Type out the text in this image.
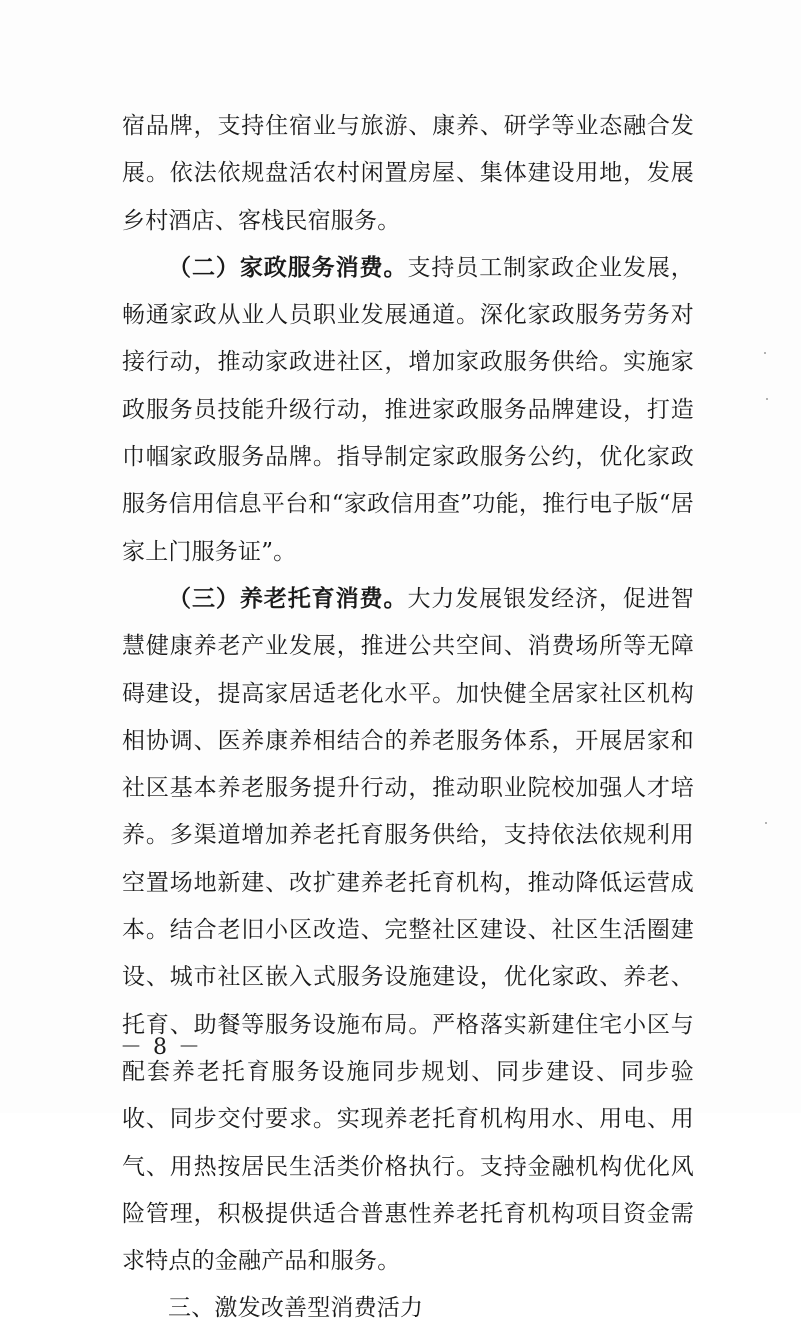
宿品牌，支持住宿业与旅游、康养、研学等业态融合发展。依法依规盘活农村闲置房屋、集体建设用地，发展乡村酒店、客栈民宿服务。

（二）家政服务消费。支持员工制家政企业发展，畅通家政从业人员职业发展通道。深化家政服务劳务对接行动，推动家政进社区，增加家政服务供给。实施家政服务员技能升级行动，推进家政服务品牌建设，打造巾帼家政服务品牌。指导制定家政服务公约，优化家政服务信用信息平台和“家政信用查”功能，推行电子版“居家上门服务证”。

（三）养老托育消费。大力发展银发经济，促进智慧健康养老产业发展，推进公共空间、消费场所等无障碍建设，提高家居适老化水平。加快健全居家社区机构相协调、医养康养相结合的养老服务体系，开展居家和社区基本养老服务提升行动，推动职业院校加强人才培养。多渠道增加养老托育服务供给，支持依法依规利用空置场地新建、改扩建养老托育机构，推动降低运营成本。结合老旧小区改造、完整社区建设、社区生活圈建设、城市社区嵌入式服务设施建设，优化家政、养老、托育、助餐等服务设施布局。严格落实新建住宅小区与配套养老托育服务设施同步规划、同步建设、同步验收、同步交付要求。实现养老托育机构用水、用电、用气、用热按居民生活类价格执行。支持金融机构优化风险管理，积极提供适合普惠性养老托育机构项目资金需求特点的金融产品和服务。

三、激发改善型消费活力

－ 8 －
